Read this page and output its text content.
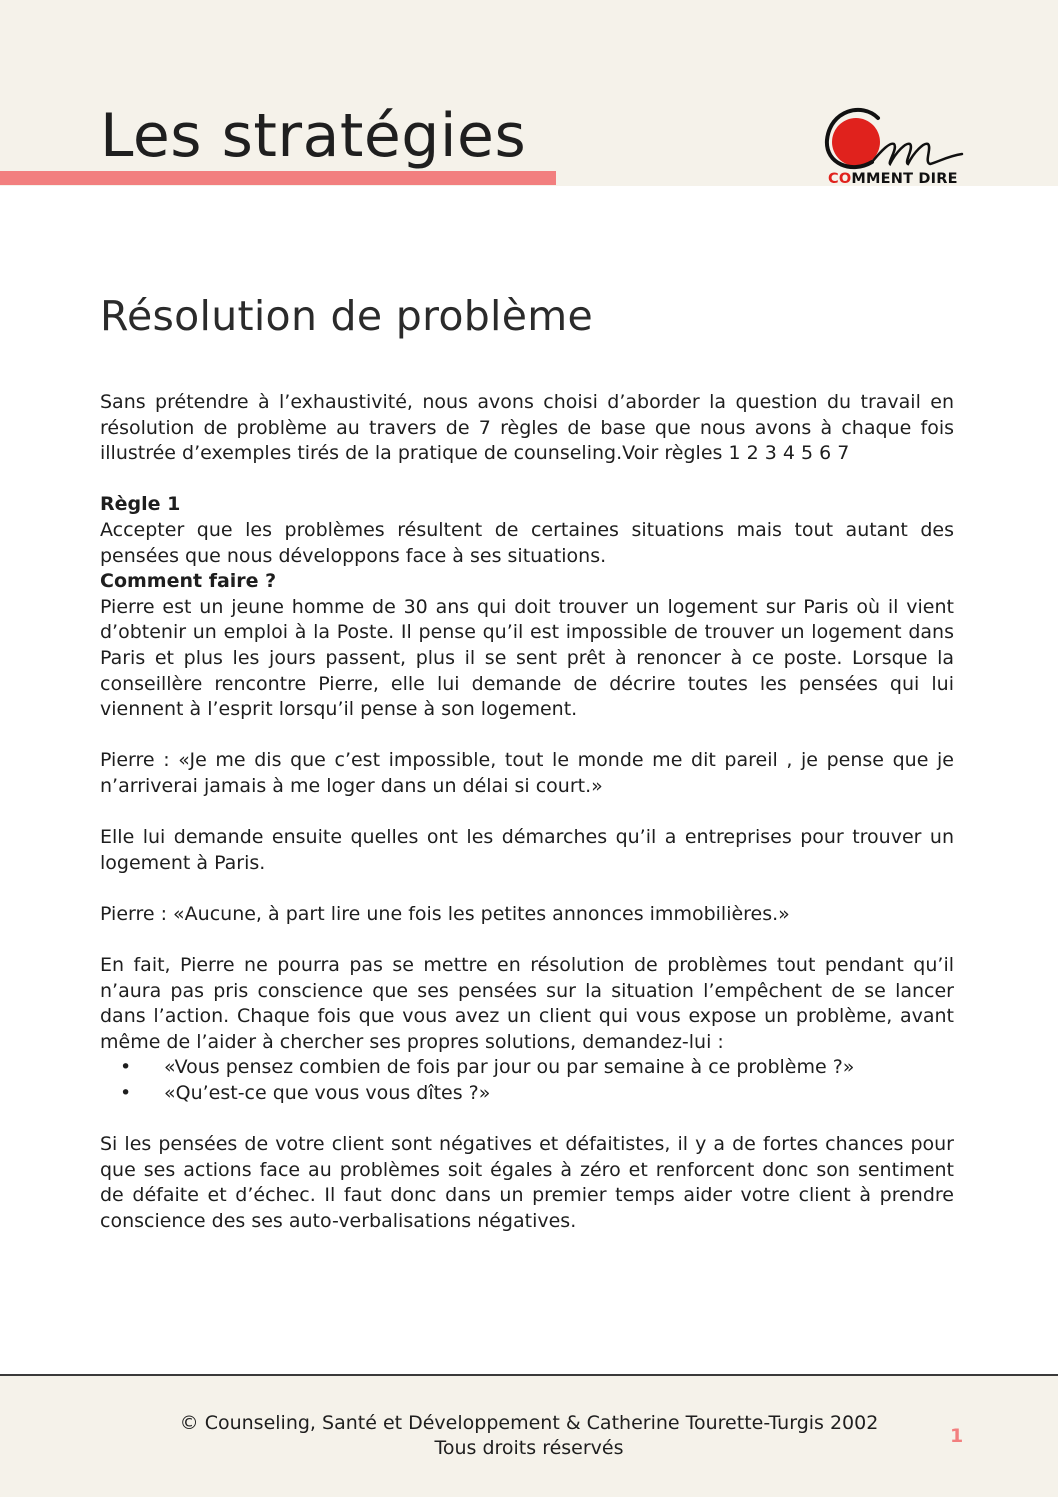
Les stratégies
COMMENT DIRE
Résolution de problème

Sans prétendre à l’exhaustivité, nous avons choisi d’aborder la question du travail en résolution de problème au travers de 7 règles de base que nous avons à chaque fois illustrée d’exemples tirés de la pratique de counseling.Voir règles 1 2 3 4 5 6 7

Règle 1

Accepter que les problèmes résultent de certaines situations mais tout autant des pensées que nous développons face à ses situations.

Comment faire ?

Pierre est un jeune homme de 30 ans qui doit trouver un logement sur Paris où il vient d’obtenir un emploi à la Poste. Il pense qu’il est impossible de trouver un logement dans Paris et plus les jours passent, plus il se sent prêt à renoncer à ce poste. Lorsque la conseillère rencontre Pierre, elle lui demande de décrire toutes les pensées qui lui viennent à l’esprit lorsqu’il pense à son logement.

Pierre : «Je me dis que c’est impossible, tout le monde me dit pareil , je pense que je n’arriverai jamais à me loger dans un délai si court.»

Elle lui demande ensuite quelles ont les démarches qu’il a entreprises pour trouver un logement à Paris.

Pierre : «Aucune, à part lire une fois les petites annonces immobilières.»

En fait, Pierre ne pourra pas se mettre en résolution de problèmes tout pendant qu’il n’aura pas pris conscience que ses pensées sur la situation l’empêchent de se lancer dans l’action. Chaque fois que vous avez un client qui vous expose un problème, avant même de l’aider à chercher ses propres solutions, demandez-lui :

• «Vous pensez combien de fois par jour ou par semaine à ce problème ?»
• «Qu’est-ce que vous vous dîtes ?»

Si les pensées de votre client sont négatives et défaitistes, il y a de fortes chances pour que ses actions face au problèmes soit égales à zéro et renforcent donc son sentiment de défaite et d’échec. Il faut donc dans un premier temps aider votre client à prendre conscience des ses auto-verbalisations négatives.

© Counseling, Santé et Développement & Catherine Tourette-Turgis 2002
Tous droits réservés
1
